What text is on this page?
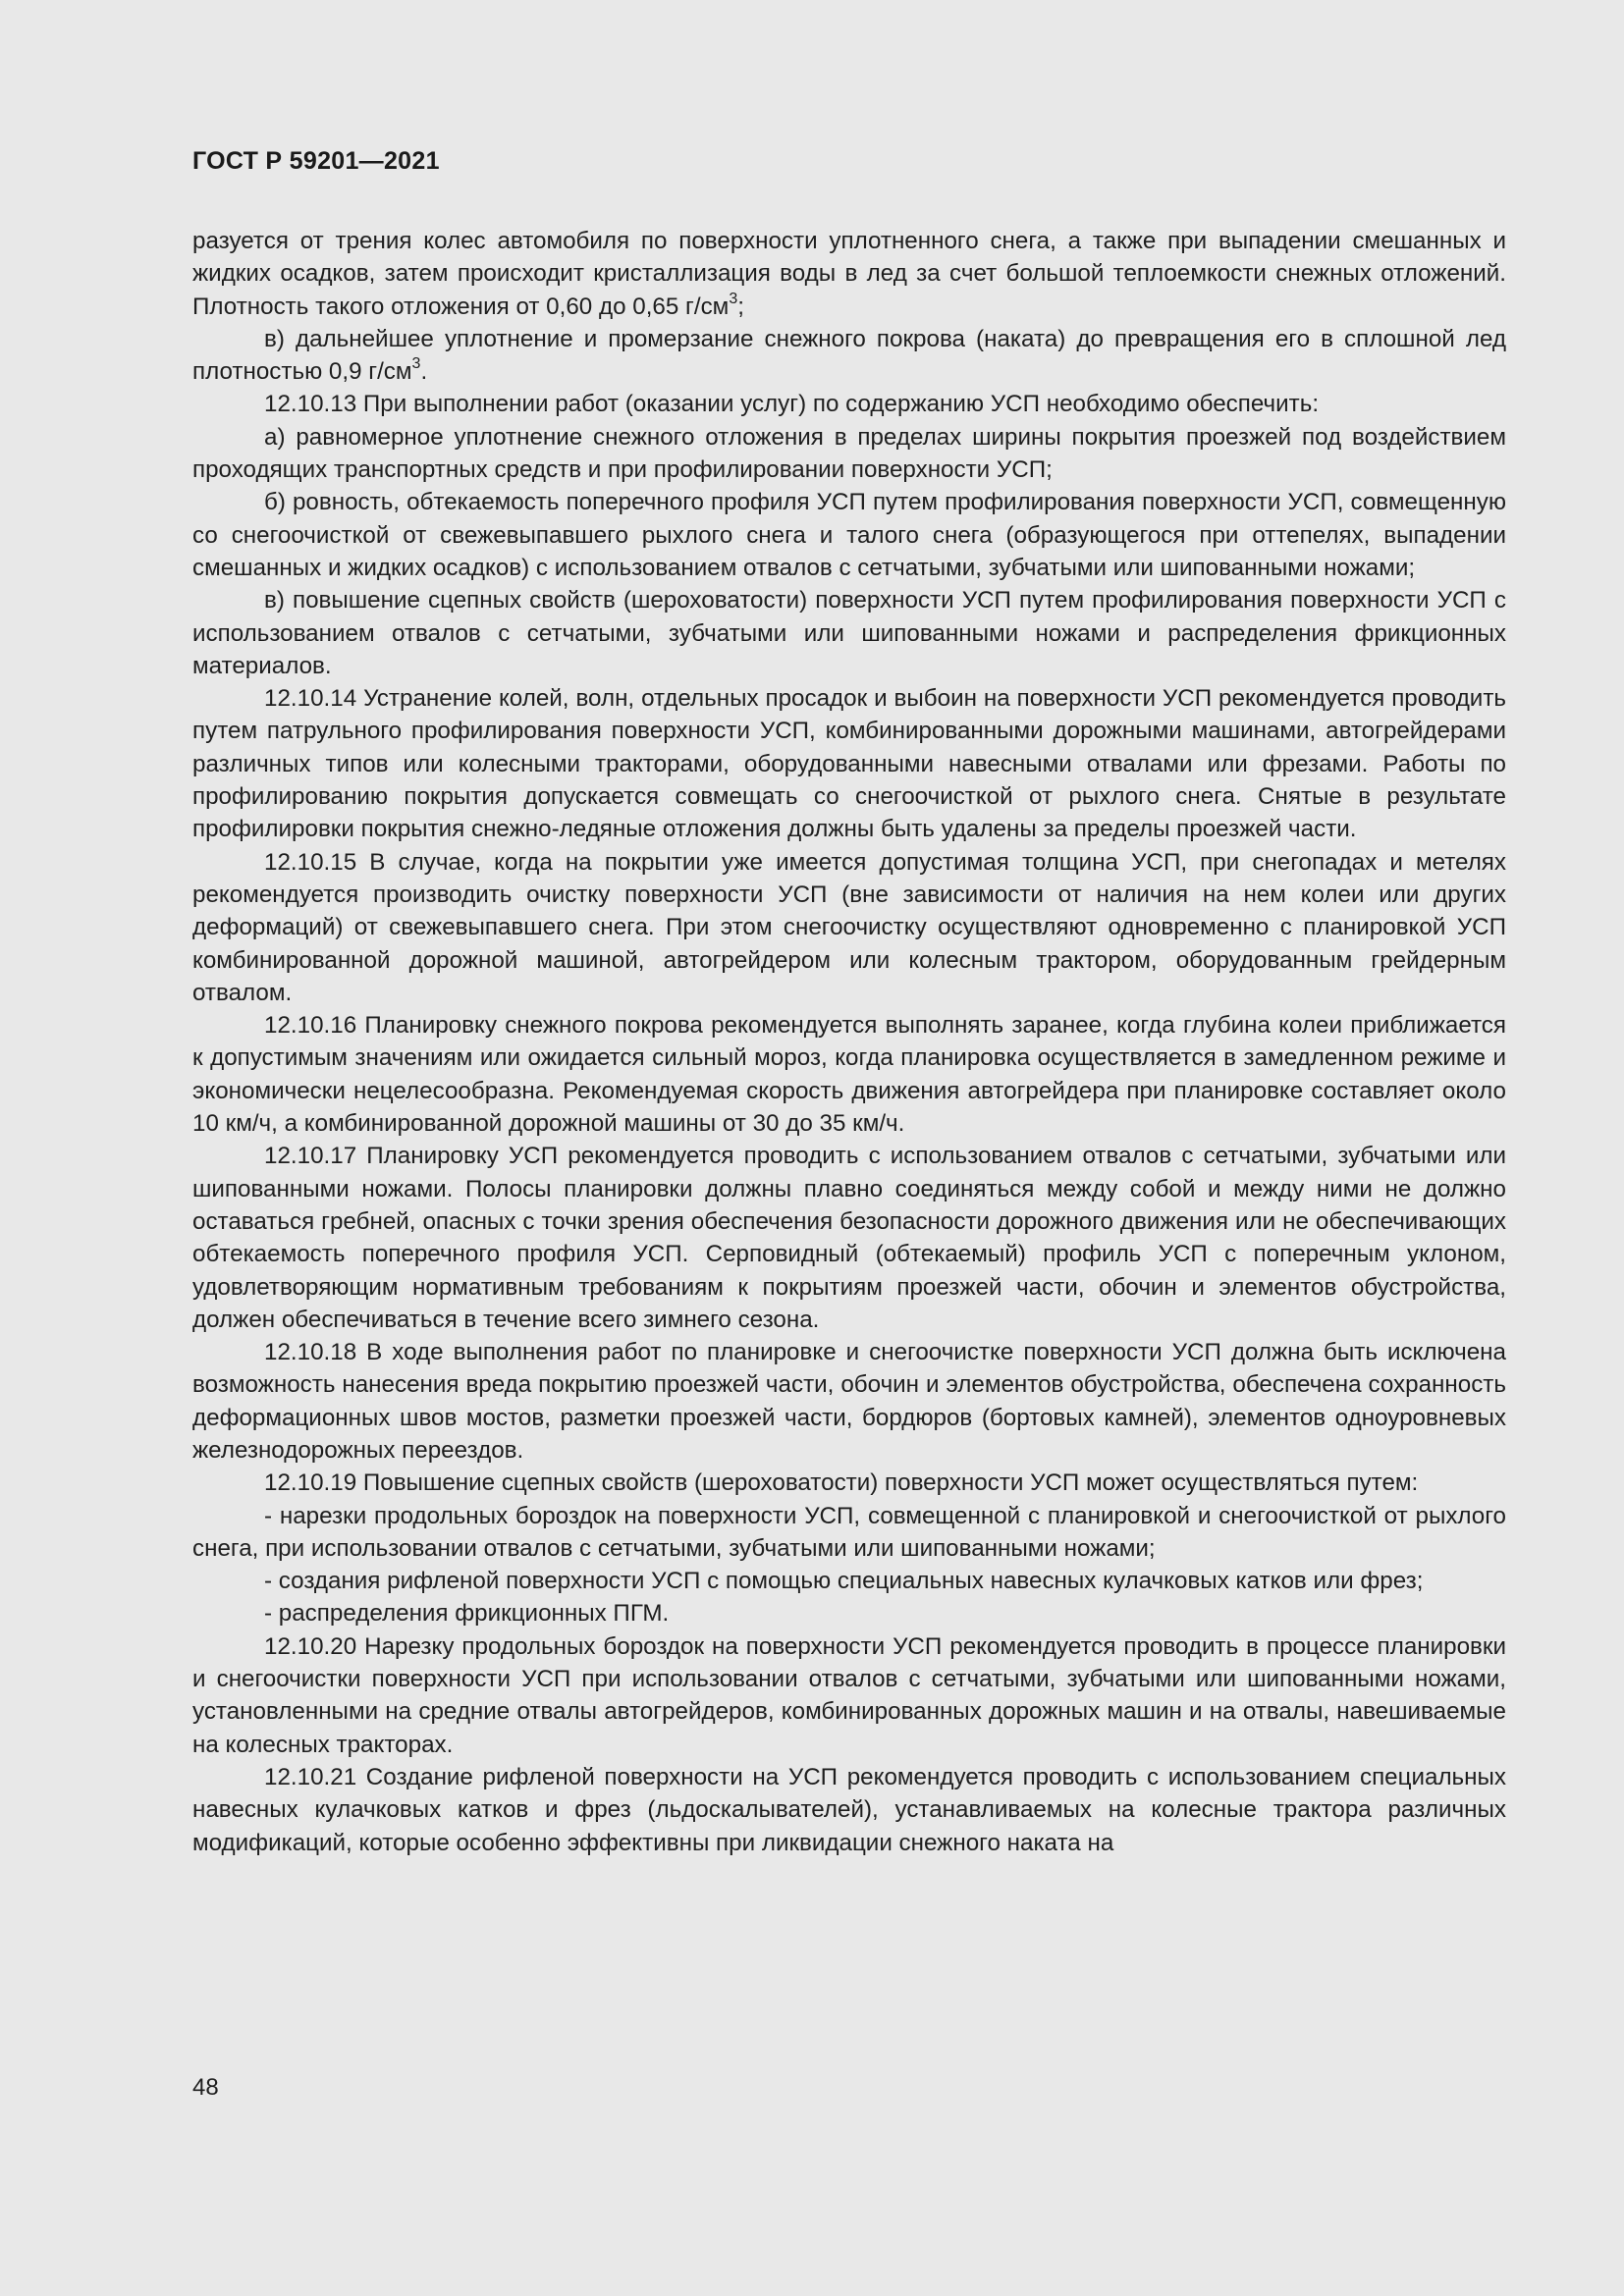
ГОСТ Р 59201—2021

разуется от трения колес автомобиля по поверхности уплотненного снега, а также при выпадении смешанных и жидких осадков, затем происходит кристаллизация воды в лед за счет большой теплоемкости снежных отложений. Плотность такого отложения от 0,60 до 0,65 $г/см^3$;

в) дальнейшее уплотнение и промерзание снежного покрова (наката) до превращения его в сплошной лед плотностью 0,9 $г/см^3$.

12.10.13 При выполнении работ (оказании услуг) по содержанию УСП необходимо обеспечить:

а) равномерное уплотнение снежного отложения в пределах ширины покрытия проезжей под воздействием проходящих транспортных средств и при профилировании поверхности УСП;

б) ровность, обтекаемость поперечного профиля УСП путем профилирования поверхности УСП, совмещенную со снегоочисткой от свежевыпавшего рыхлого снега и талого снега (образующегося при оттепелях, выпадении смешанных и жидких осадков) с использованием отвалов с сетчатыми, зубчатыми или шипованными ножами;

в) повышение сцепных свойств (шероховатости) поверхности УСП путем профилирования поверхности УСП с использованием отвалов с сетчатыми, зубчатыми или шипованными ножами и распределения фрикционных материалов.

12.10.14 Устранение колей, волн, отдельных просадок и выбоин на поверхности УСП рекомендуется проводить путем патрульного профилирования поверхности УСП, комбинированными дорожными машинами, автогрейдерами различных типов или колесными тракторами, оборудованными навесными отвалами или фрезами. Работы по профилированию покрытия допускается совмещать со снегоочисткой от рыхлого снега. Снятые в результате профилировки покрытия снежно-ледяные отложения должны быть удалены за пределы проезжей части.

12.10.15 В случае, когда на покрытии уже имеется допустимая толщина УСП, при снегопадах и метелях рекомендуется производить очистку поверхности УСП (вне зависимости от наличия на нем колеи или других деформаций) от свежевыпавшего снега. При этом снегоочистку осуществляют одновременно с планировкой УСП комбинированной дорожной машиной, автогрейдером или колесным трактором, оборудованным грейдерным отвалом.

12.10.16 Планировку снежного покрова рекомендуется выполнять заранее, когда глубина колеи приближается к допустимым значениям или ожидается сильный мороз, когда планировка осуществляется в замедленном режиме и экономически нецелесообразна. Рекомендуемая скорость движения автогрейдера при планировке составляет около 10 км/ч, а комбинированной дорожной машины от 30 до 35 км/ч.

12.10.17 Планировку УСП рекомендуется проводить с использованием отвалов с сетчатыми, зубчатыми или шипованными ножами. Полосы планировки должны плавно соединяться между собой и между ними не должно оставаться гребней, опасных с точки зрения обеспечения безопасности дорожного движения или не обеспечивающих обтекаемость поперечного профиля УСП. Серповидный (обтекаемый) профиль УСП с поперечным уклоном, удовлетворяющим нормативным требованиям к покрытиям проезжей части, обочин и элементов обустройства, должен обеспечиваться в течение всего зимнего сезона.

12.10.18 В ходе выполнения работ по планировке и снегоочистке поверхности УСП должна быть исключена возможность нанесения вреда покрытию проезжей части, обочин и элементов обустройства, обеспечена сохранность деформационных швов мостов, разметки проезжей части, бордюров (бортовых камней), элементов одноуровневых железнодорожных переездов.

12.10.19 Повышение сцепных свойств (шероховатости) поверхности УСП может осуществляться путем:

- нарезки продольных бороздок на поверхности УСП, совмещенной с планировкой и снегоочисткой от рыхлого снега, при использовании отвалов с сетчатыми, зубчатыми или шипованными ножами;

- создания рифленой поверхности УСП с помощью специальных навесных кулачковых катков или фрез;

- распределения фрикционных ПГМ.

12.10.20 Нарезку продольных бороздок на поверхности УСП рекомендуется проводить в процессе планировки и снегоочистки поверхности УСП при использовании отвалов с сетчатыми, зубчатыми или шипованными ножами, установленными на средние отвалы автогрейдеров, комбинированных дорожных машин и на отвалы, навешиваемые на колесных тракторах.

12.10.21 Создание рифленой поверхности на УСП рекомендуется проводить с использованием специальных навесных кулачковых катков и фрез (льдоскалывателей), устанавливаемых на колесные трактора различных модификаций, которые особенно эффективны при ликвидации снежного наката на

48
